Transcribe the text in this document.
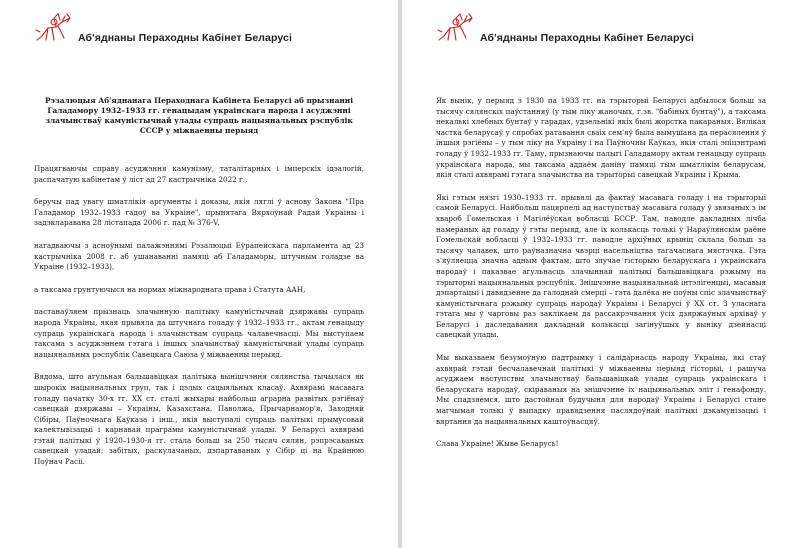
Аб'яднаны Пераходны Кабінет Беларусі
Рэзалюцыя Аб'яднанага Пераходнага Кабінета Беларусі аб прызнанні Галадамору 1932–1933 гг. генацыдам украінскага народа і асуджэнні злачынстваў камуністычнай улады супраць нацыянальных рэспублік СССР у міжваенны перыяд

Працягваючы справу асуджэння камунізму, таталітарных і імперскіх ідэалогій, распачатую кабінетам ў ліст ад 27 кастрычніка 2022 г.,

беручы пад увагу шматлікія аргументы і доказы, якія ляглі ў аснову Закона "Пра Галадамор 1932–1933 гадоў ва Украіне", прынятага Вярхоўнай Радай Украіны і задэкларавана 28 лістапада 2006 г. пад № 376-V,

нагадваючы з асноўнымі палажэннямі Рэзалюцыі Еўрапейскага парламента ад 23 кастрычніка 2008 г. аб ушанаванні памяці аб Галадаморы, штучным голадзе ва Украіне (1932–1933),

а таксама грунтуючыся на нормах міжнароднага права і Статута ААН,

пастанаўляем прызнаць злачынную палітыку камуністычнай дзяржавы супраць народа Украіны, якая прывяла да штучнага голаду ў 1932–1933 гг., актам генацыду супраць украінскага народа і злачынствам супраць чалавечнасці. Мы выступаем таксама з асуджэннем гэтага і іншых злачынстваў камуністычнай улады супраць нацыянальных рэспублік Савецкага Саюза ў міжваенны перыяд.

Вядома, што агульная бальшавіцкая палітыка вынішчэння сялянства тычылася як шырокіх нацыянальных груп, так і цэлых сацыяльных класаў. Ахвярамі масавага голаду пачатку 30-х гг. XX ст. сталі жыхары найбольш аграрна развітых рэгіёнаў савецкай дзяржавы – Украіны, Казахстана, Паволжа, Прычарнамор'я, Заходняй Сібіры, Паўночнага Каўказа і інш., якія выступалі супраць палітыкі прымусовай калектывізацыі і карнавай праграмы камуністычнай улады. У Беларусі ахвярамі гэтай палітыкі ў 1920–1930-я гг. стала больш за 250 тысяч сялян, рэпрэсаваных савецкай уладай: забітых, раскулачаных, дэпартаваных у Сібір ці на Крайнюю Поўнач Расіі.

Аб'яднаны Пераходны Кабінет Беларусі

Як вынік, у перыяд з 1930 па 1933 гг. на тэрыторыі Беларусі адбылося больш за тысячу сялянскіх паўстанняў (у тым ліку жаночых, г.зв. "бабіных бунтаў"), а таксама некалькі хлебных бунтаў у гарадах, удзельнікі якіх былі жорстка пакараныя. Вялікая частка беларусаў у спробах ратавання сваіх сем'яў была вымушана да перасялення ў іншыя рэгіёны – у тым ліку на Украіну і на Паўночны Каўказ, якія сталі эпіцэнтрамі голаду ў 1932–1933 гг. Таму, прызнаючы палыгі Галадамору актам генацыду супраць украінскага народа, мы таксама аддаём даніну памяці тым шматлікім беларусам, якія сталі ахвярамі гэтага злачынства на тэрыторыі савецкай Украіны і Крыма.

Які гэтым нязгі 1930–1933 гг. прывялі да фактаў масавага голаду і на тэрыторыі самой Беларусі. Найбольш пацярпелі ад наступстваў масавага голаду ў звязаных з ім хвароб Гомельская і Магілёўская вобласці БССР. Там, паводле дакладных лічба намераных ад голаду ў гэты перыяд, але іх колькасць толькі ў Нараўлянскім раёне Гомельскай вобласці ў 1932–1933 гг. паводле архіўных крыніц склала больш за тысячу чалавек, што раўназначна чвэрці насельніцтва тагачаснага мястэчка. Гэта з'яўляецца значна адным фактам, што злучае гісторыю беларускага і украінскага народаў і паказвае агульнасць злачыннай палітыкі бальшавіцкага рэжыму на тэрыторыі нацыянальных рэспублік. Знішчэнне нацыянальнай інтэлігенцыі, масавыя дэпартацыі і давядзенне да галоднай смерці – гэта далёка не поўны спіс злачынстваў камуністычнага рэжыму супраць народаў Украіны і Беларусі ў XX ст. З уласнага гэтага мы ў чарговы раз заклікаем да рассакрэчвання ўсіх дзяржаўных архіваў у Беларусі і даследавання дакладнай колькасці загінуўшых у выніку дзейнасці савецкай улады.

Мы выказваем безумоўную падтрымку і салідарнасць народу Украіны, які стаў ахвярай гэтай бесчалавечнай палітыкі ў міжваенны перыяд гісторыі, і рашуча асуджаем наступствы злачынстваў бальшавіцкай улады супраць украінскага і беларускага народаў, скіраваныя на знішчэнне іх нацыянальных эліт і генафонду. Мы спадзяемся, што дастойная будучыня для народаў Украіны і Беларусі стане магчымая толькі ў выпадку правядзення паслядоўнай палітыкі дэкамунізацыі і вяртання да нацыянальных каштоўнасцяў.

Слава Украіне! Жыве Беларусь!
